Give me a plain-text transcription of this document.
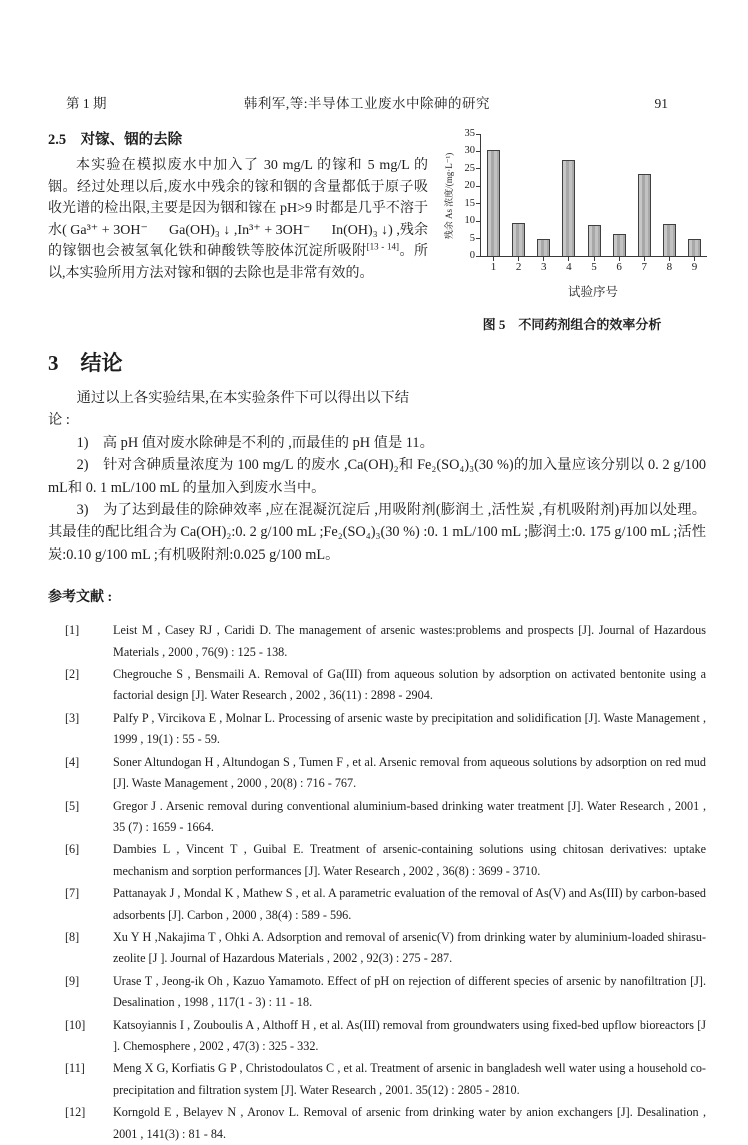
第 1 期	韩利军,等:半导体工业废水中除砷的研究	91

2.5　对镓、铟的去除

本实验在模拟废水中加入了 30 mg/L 的镓和 5 mg/L 的铟。经过处理以后,废水中残余的镓和铟的含量都低于原子吸收光谱的检出限,主要是因为铟和镓在 pH>9 时都是几乎不溶于水( Ga³⁺ + 3OH⁻ 　 Ga(OH)₃ ↓ ,In³⁺ + 3OH⁻ 　 In(OH)₃ ↓) ,残余的镓铟也会被氢氧化铁和砷酸铁等胶体沉淀所吸附[13 - 14]。所以,本实验所用方法对镓和铟的去除也是非常有效的。

残余 As 浓度/(mg·L⁻¹)
0
5
10
15
20
25
30
35
1	2	3	4	5	6	7	8	9
试验序号
图 5　不同药剂组合的效率分析
3 结论

通过以上各实验结果,在本实验条件下可以得出以下结

论 :

1)　高 pH 值对废水除砷是不利的 ,而最佳的 pH 值是 11。

2)　针对含砷质量浓度为 100 mg/L 的废水 ,Ca(OH)₂和 Fe₂(SO₄)₃(30 %)的加入量应该分别以 0. 2 g/100 mL和 0. 1 mL/100 mL 的量加入到废水当中。

3)　为了达到最佳的除砷效率 ,应在混凝沉淀后 ,用吸附剂(膨润土 ,活性炭 ,有机吸附剂)再加以处理。其最佳的配比组合为 Ca(OH)₂:0. 2 g/100 mL ;Fe₂(SO₄)₃(30 %) :0. 1 mL/100 mL ;膨润土:0. 175 g/100 mL ;活性炭:0.10 g/100 mL ;有机吸附剂:0.025 g/100 mL。

参考文献 :
[1]	Leist M , Casey RJ , Caridi D. The management of arsenic wastes:problems and prospects [J]. Journal of Hazardous Materials , 2000 , 76(9) : 125 - 138.
[2]	Chegrouche S , Bensmaili A. Removal of Ga(III) from aqueous solution by adsorption on activated bentonite using a factorial design [J]. Water Research , 2002 , 36(11) : 2898 - 2904.
[3]	Palfy P , Vircikova E , Molnar L. Processing of arsenic waste by precipitation and solidification [J]. Waste Management , 1999 , 19(1) : 55 - 59.
[4]	Soner Altundogan H , Altundogan S , Tumen F , et al. Arsenic removal from aqueous solutions by adsorption on red mud [J]. Waste Management , 2000 , 20(8) : 716 - 767.
[5]	Gregor J . Arsenic removal during conventional aluminium-based drinking water treatment [J]. Water Research , 2001 , 35 (7) : 1659 - 1664.
[6]	Dambies L , Vincent T , Guibal E. Treatment of arsenic-containing solutions using chitosan derivatives: uptake mechanism and sorption performances [J]. Water Research , 2002 , 36(8) : 3699 - 3710.
[7]	Pattanayak J , Mondal K , Mathew S , et al. A parametric evaluation of the removal of As(V) and As(III) by carbon-based adsorbents [J]. Carbon , 2000 , 38(4) : 589 - 596.
[8]	Xu Y H ,Nakajima T , Ohki A. Adsorption and removal of arsenic(V) from drinking water by aluminium-loaded shirasu-zeolite [J ]. Journal of Hazardous Materials , 2002 , 92(3) : 275 - 287.
[9]	Urase T , Jeong-ik Oh , Kazuo Yamamoto. Effect of pH on rejection of different species of arsenic by nanofiltration [J]. Desalination , 1998 , 117(1 - 3) : 11 - 18.
[10]	Katsoyiannis I , Zouboulis A , Althoff H , et al. As(III) removal from groundwaters using fixed-bed upflow bioreactors [J ]. Chemosphere , 2002 , 47(3) : 325 - 332.
[11]	Meng X G, Korfiatis G P , Christodoulatos C , et al. Treatment of arsenic in bangladesh well water using a household co-precipitation and filtration system [J]. Water Research , 2001. 35(12) : 2805 - 2810.
[12]	Korngold E , Belayev N , Aronov L. Removal of arsenic from drinking water by anion exchangers [J]. Desalination , 2001 , 141(3) : 81 - 84.
